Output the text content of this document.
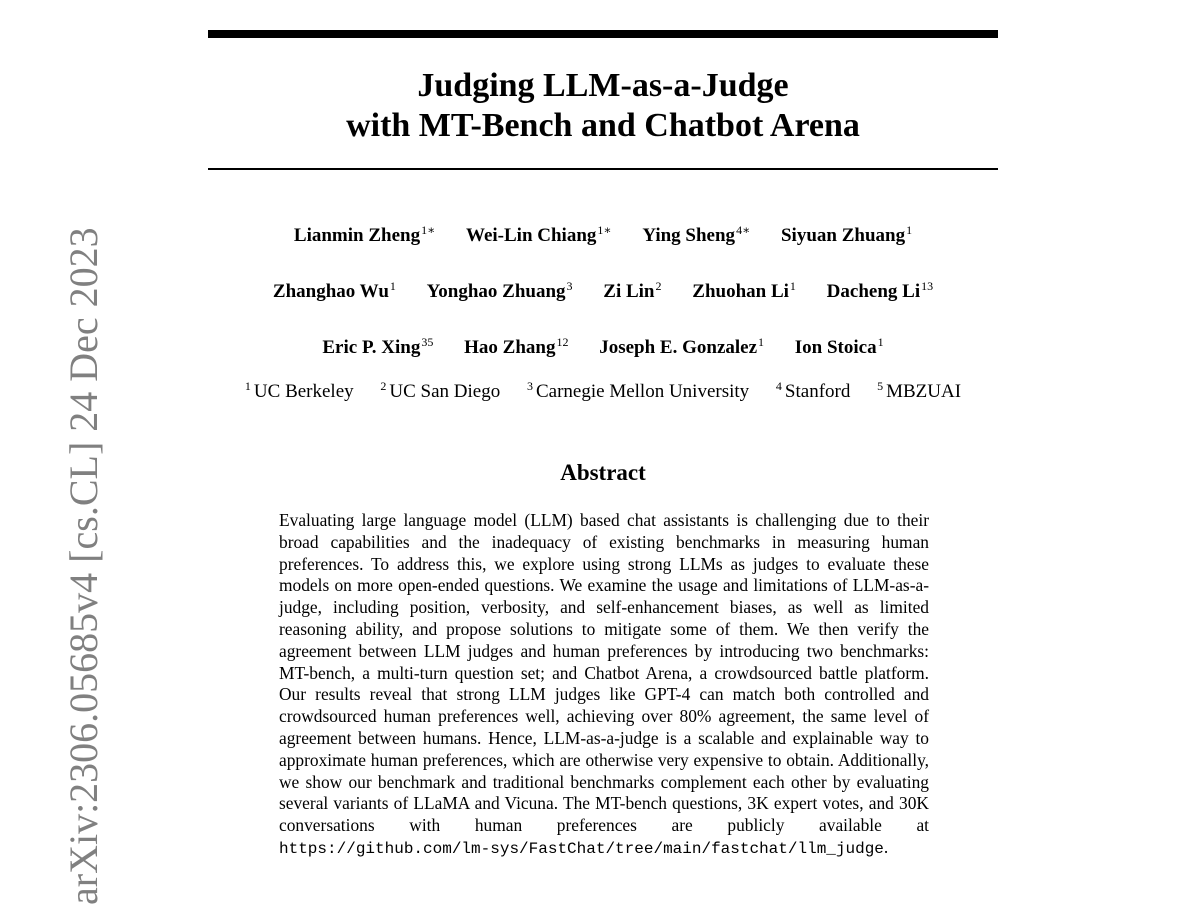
Judging LLM-as-a-Judge
with MT-Bench and Chatbot Arena
Lianmin Zheng$^{1∗}$ Wei-Lin Chiang$^{1∗}$ Ying Sheng$^{4∗}$ Siyuan Zhuang$^1$
Zhanghao Wu$^1$ Yonghao Zhuang$^3$ Zi Lin$^2$ Zhuohan Li$^1$ Dacheng Li$^{13}$
Eric P. Xing$^{35}$ Hao Zhang$^{12}$ Joseph E. Gonzalez$^1$ Ion Stoica$^1$
$^1$ UC Berkeley $^2$ UC San Diego $^3$ Carnegie Mellon University $^4$ Stanford $^5$ MBZUAI
Abstract

Evaluating large language model (LLM) based chat assistants is challenging due to their broad capabilities and the inadequacy of existing benchmarks in measuring human preferences. To address this, we explore using strong LLMs as judges to evaluate these models on more open-ended questions. We examine the usage and limitations of LLM-as-a-judge, including position, verbosity, and self-enhancement biases, as well as limited reasoning ability, and propose solutions to mitigate some of them. We then verify the agreement between LLM judges and human preferences by introducing two benchmarks: MT-bench, a multi-turn question set; and Chatbot Arena, a crowdsourced battle platform. Our results reveal that strong LLM judges like GPT-4 can match both controlled and crowdsourced human preferences well, achieving over 80% agreement, the same level of agreement between humans. Hence, LLM-as-a-judge is a scalable and explainable way to approximate human preferences, which are otherwise very expensive to obtain. Additionally, we show our benchmark and traditional benchmarks complement each other by evaluating several variants of LLaMA and Vicuna. The MT-bench questions, 3K expert votes, and 30K conversations with human preferences are publicly available at https://github.com/lm-sys/FastChat/tree/main/fastchat/llm_judge.

arXiv:2306.05685v4 [cs.CL] 24 Dec 2023
